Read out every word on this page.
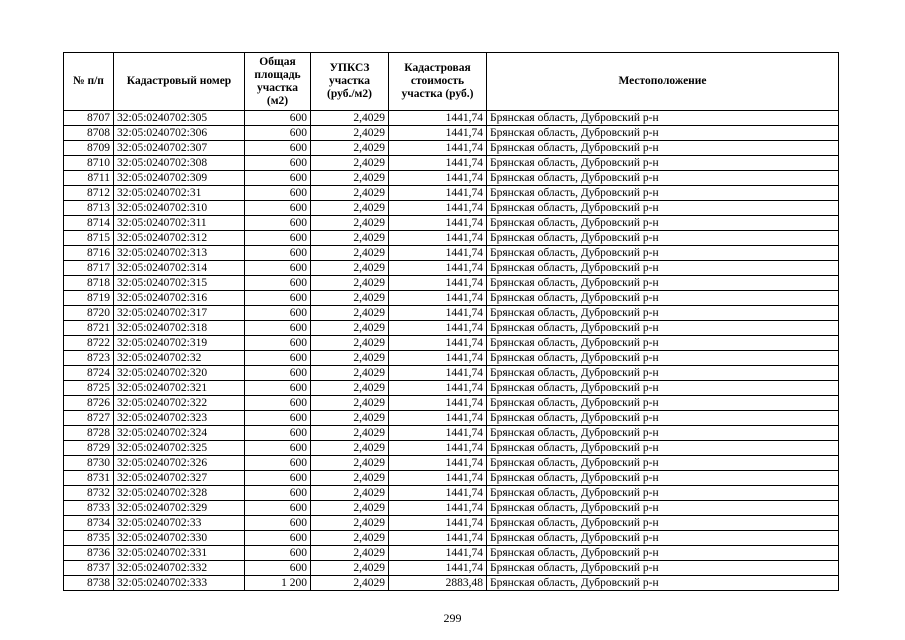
№ п/п	Кадастровый номер	Общая площадь участка (м2)	УПКСЗ участка (руб./м2)	Кадастровая стоимость участка (руб.)	Местоположение
8707	32:05:0240702:305	600	2,4029	1441,74	Брянская область, Дубровский р-н
8708	32:05:0240702:306	600	2,4029	1441,74	Брянская область, Дубровский р-н
8709	32:05:0240702:307	600	2,4029	1441,74	Брянская область, Дубровский р-н
8710	32:05:0240702:308	600	2,4029	1441,74	Брянская область, Дубровский р-н
8711	32:05:0240702:309	600	2,4029	1441,74	Брянская область, Дубровский р-н
8712	32:05:0240702:31	600	2,4029	1441,74	Брянская область, Дубровский р-н
8713	32:05:0240702:310	600	2,4029	1441,74	Брянская область, Дубровский р-н
8714	32:05:0240702:311	600	2,4029	1441,74	Брянская область, Дубровский р-н
8715	32:05:0240702:312	600	2,4029	1441,74	Брянская область, Дубровский р-н
8716	32:05:0240702:313	600	2,4029	1441,74	Брянская область, Дубровский р-н
8717	32:05:0240702:314	600	2,4029	1441,74	Брянская область, Дубровский р-н
8718	32:05:0240702:315	600	2,4029	1441,74	Брянская область, Дубровский р-н
8719	32:05:0240702:316	600	2,4029	1441,74	Брянская область, Дубровский р-н
8720	32:05:0240702:317	600	2,4029	1441,74	Брянская область, Дубровский р-н
8721	32:05:0240702:318	600	2,4029	1441,74	Брянская область, Дубровский р-н
8722	32:05:0240702:319	600	2,4029	1441,74	Брянская область, Дубровский р-н
8723	32:05:0240702:32	600	2,4029	1441,74	Брянская область, Дубровский р-н
8724	32:05:0240702:320	600	2,4029	1441,74	Брянская область, Дубровский р-н
8725	32:05:0240702:321	600	2,4029	1441,74	Брянская область, Дубровский р-н
8726	32:05:0240702:322	600	2,4029	1441,74	Брянская область, Дубровский р-н
8727	32:05:0240702:323	600	2,4029	1441,74	Брянская область, Дубровский р-н
8728	32:05:0240702:324	600	2,4029	1441,74	Брянская область, Дубровский р-н
8729	32:05:0240702:325	600	2,4029	1441,74	Брянская область, Дубровский р-н
8730	32:05:0240702:326	600	2,4029	1441,74	Брянская область, Дубровский р-н
8731	32:05:0240702:327	600	2,4029	1441,74	Брянская область, Дубровский р-н
8732	32:05:0240702:328	600	2,4029	1441,74	Брянская область, Дубровский р-н
8733	32:05:0240702:329	600	2,4029	1441,74	Брянская область, Дубровский р-н
8734	32:05:0240702:33	600	2,4029	1441,74	Брянская область, Дубровский р-н
8735	32:05:0240702:330	600	2,4029	1441,74	Брянская область, Дубровский р-н
8736	32:05:0240702:331	600	2,4029	1441,74	Брянская область, Дубровский р-н
8737	32:05:0240702:332	600	2,4029	1441,74	Брянская область, Дубровский р-н
8738	32:05:0240702:333	1 200	2,4029	2883,48	Брянская область, Дубровский р-н
299
